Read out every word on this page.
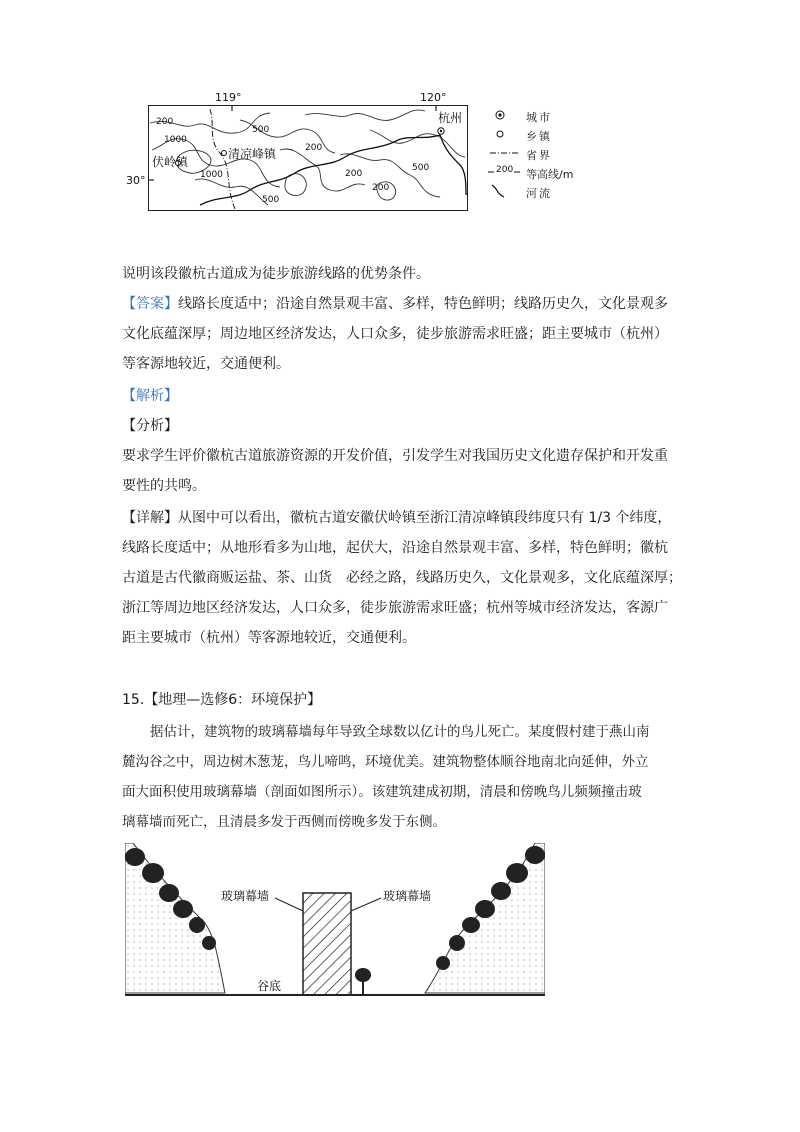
119°	120°
30°
杭州
伏岭镇
清凉峰镇
200
1000
500
1000
500
200
200
200
500
城市
乡镇
省界
200 等高线/m
河流
说明该段徽杭古道成为徒步旅游线路的优势条件。
【答案】线路长度适中；沿途自然景观丰富、多样，特色鲜明；线路历史久，文化景观多
文化底蕴深厚；周边地区经济发达，人口众多，徒步旅游需求旺盛；距主要城市（杭州）
等客源地较近，交通便利。
【解析】
【分析】
要求学生评价徽杭古道旅游资源的开发价值，引发学生对我国历史文化遗存保护和开发重
要性的共鸣。
【详解】从图中可以看出，徽杭古道安徽伏岭镇至浙江清凉峰镇段纬度只有 1/3 个纬度，
线路长度适中；从地形看多为山地，起伏大，沿途自然景观丰富、多样，特色鲜明；徽杭
古道是古代徽商贩运盐、茶、山货　必经之路，线路历史久，文化景观多，文化底蕴深厚；
浙江等周边地区经济发达，人口众多，徒步旅游需求旺盛；杭州等城市经济发达，客源广
距主要城市（杭州）等客源地较近，交通便利。
15.【地理—选修6：环境保护】
据估计，建筑物的玻璃幕墙每年导致全球数以亿计的鸟儿死亡。某度假村建于燕山南
麓沟谷之中，周边树木葱茏，鸟儿啼鸣，环境优美。建筑物整体顺谷地南北向延伸，外立
面大面积使用玻璃幕墙（剖面如图所示）。该建筑建成初期，清晨和傍晚鸟儿频频撞击玻
璃幕墙而死亡，且清晨多发于西侧而傍晚多发于东侧。
玻璃幕墙	玻璃幕墙
谷底
